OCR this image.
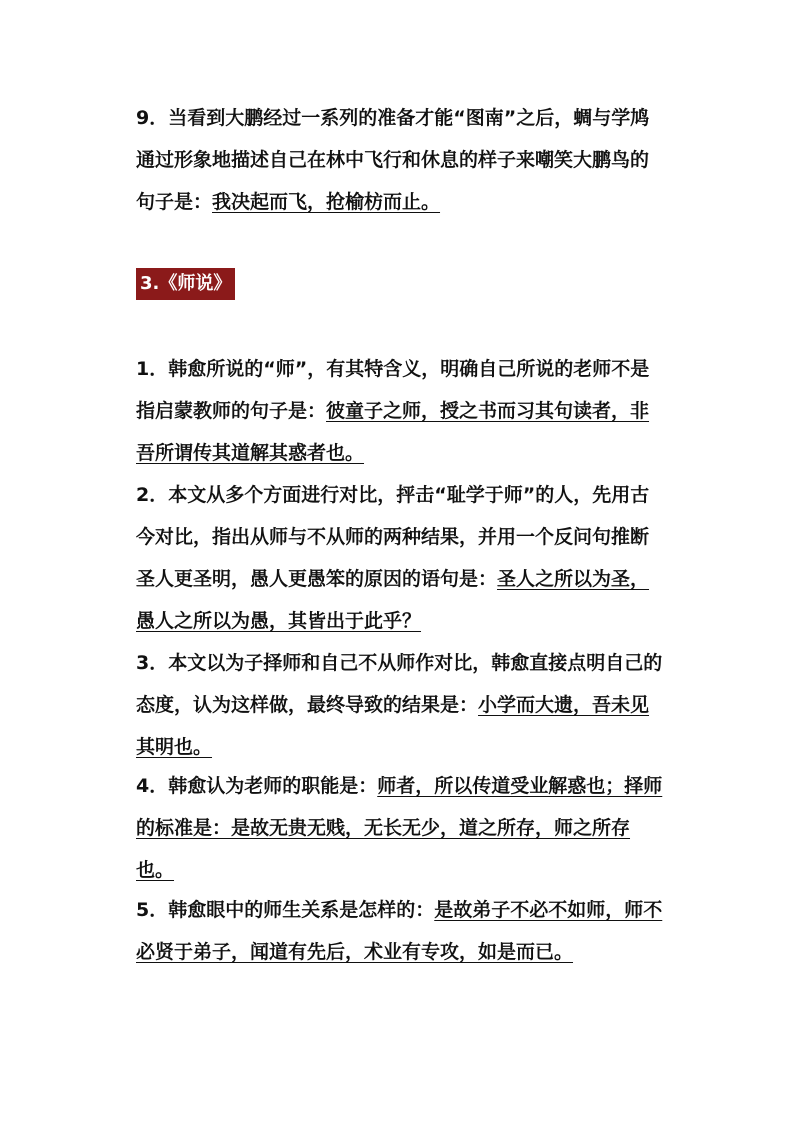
9．当看到大鹏经过一系列的准备才能“图南”之后，蜩与学鸠通过形象地描述自己在林中飞行和休息的样子来嘲笑大鹏鸟的句子是：我决起而飞，抢榆枋而止。
3.《师说》
1．韩愈所说的“师”，有其特含义，明确自己所说的老师不是指启蒙教师的句子是：彼童子之师，授之书而习其句读者，非吾所谓传其道解其惑者也。
2．本文从多个方面进行对比，抨击“耻学于师”的人，先用古今对比，指出从师与不从师的两种结果，并用一个反问句推断圣人更圣明，愚人更愚笨的原因的语句是：圣人之所以为圣，愚人之所以为愚，其皆出于此乎？
3．本文以为子择师和自己不从师作对比，韩愈直接点明自己的态度，认为这样做，最终导致的结果是：小学而大遗，吾未见其明也。
4．韩愈认为老师的职能是：师者，所以传道受业解惑也；择师的标准是：是故无贵无贱，无长无少，道之所存，师之所存也。
5．韩愈眼中的师生关系是怎样的：是故弟子不必不如师，师不必贤于弟子，闻道有先后，术业有专攻，如是而已。
